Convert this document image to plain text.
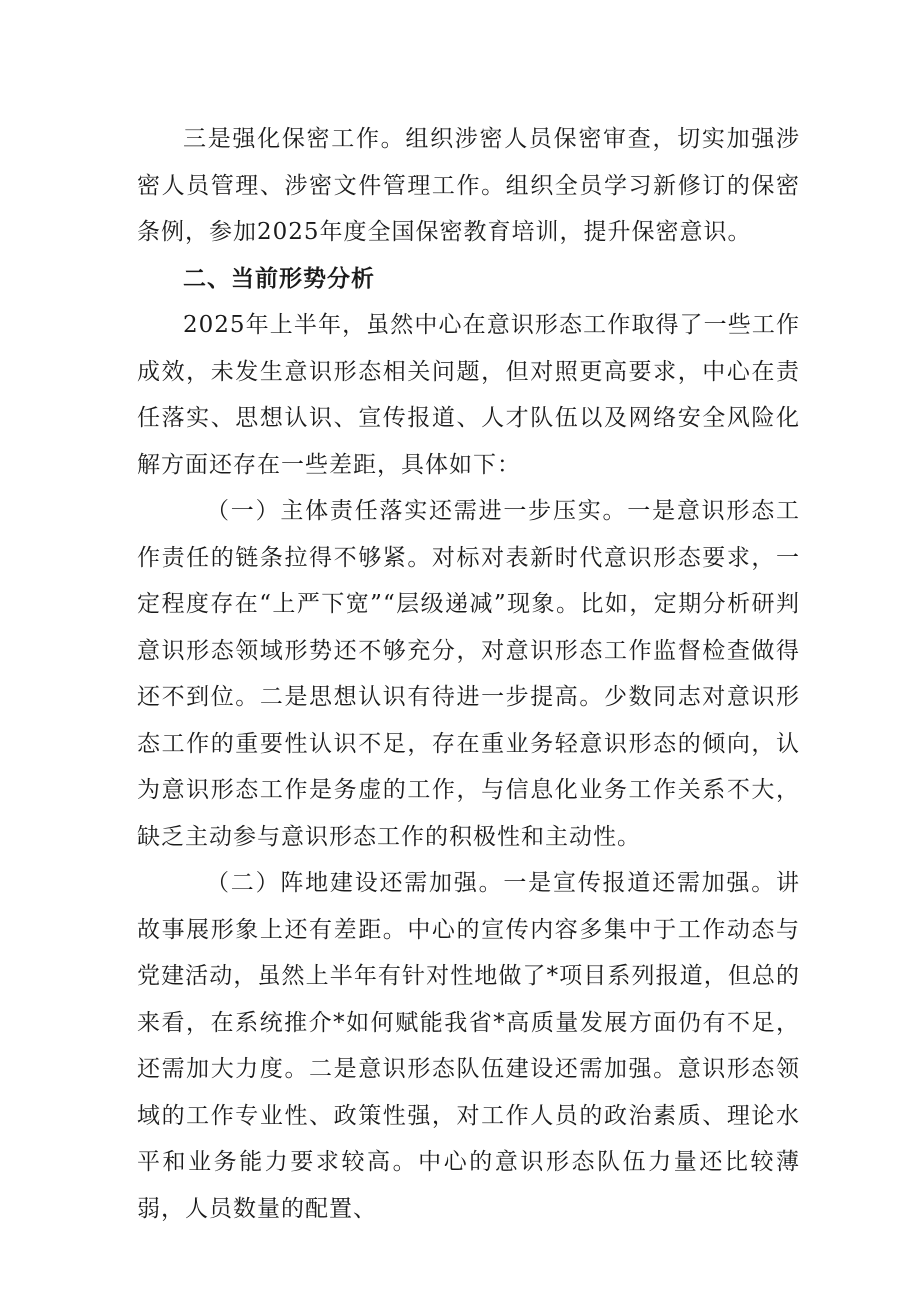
三是强化保密工作。组织涉密人员保密审查，切实加强涉密人员管理、涉密文件管理工作。组织全员学习新修订的保密条例，参加2025年度全国保密教育培训，提升保密意识。

二、当前形势分析

2025年上半年，虽然中心在意识形态工作取得了一些工作成效，未发生意识形态相关问题，但对照更高要求，中心在责任落实、思想认识、宣传报道、人才队伍以及网络安全风险化解方面还存在一些差距，具体如下：

（一）主体责任落实还需进一步压实。一是意识形态工作责任的链条拉得不够紧。对标对表新时代意识形态要求，一定程度存在“上严下宽”“层级递减”现象。比如，定期分析研判意识形态领域形势还不够充分，对意识形态工作监督检查做得还不到位。二是思想认识有待进一步提高。少数同志对意识形态工作的重要性认识不足，存在重业务轻意识形态的倾向，认为意识形态工作是务虚的工作，与信息化业务工作关系不大，缺乏主动参与意识形态工作的积极性和主动性。

（二）阵地建设还需加强。一是宣传报道还需加强。讲故事展形象上还有差距。中心的宣传内容多集中于工作动态与党建活动，虽然上半年有针对性地做了*项目系列报道，但总的来看，在系统推介*如何赋能我省*高质量发展方面仍有不足，还需加大力度。二是意识形态队伍建设还需加强。意识形态领域的工作专业性、政策性强，对工作人员的政治素质、理论水平和业务能力要求较高。中心的意识形态队伍力量还比较薄弱，人员数量的配置、
